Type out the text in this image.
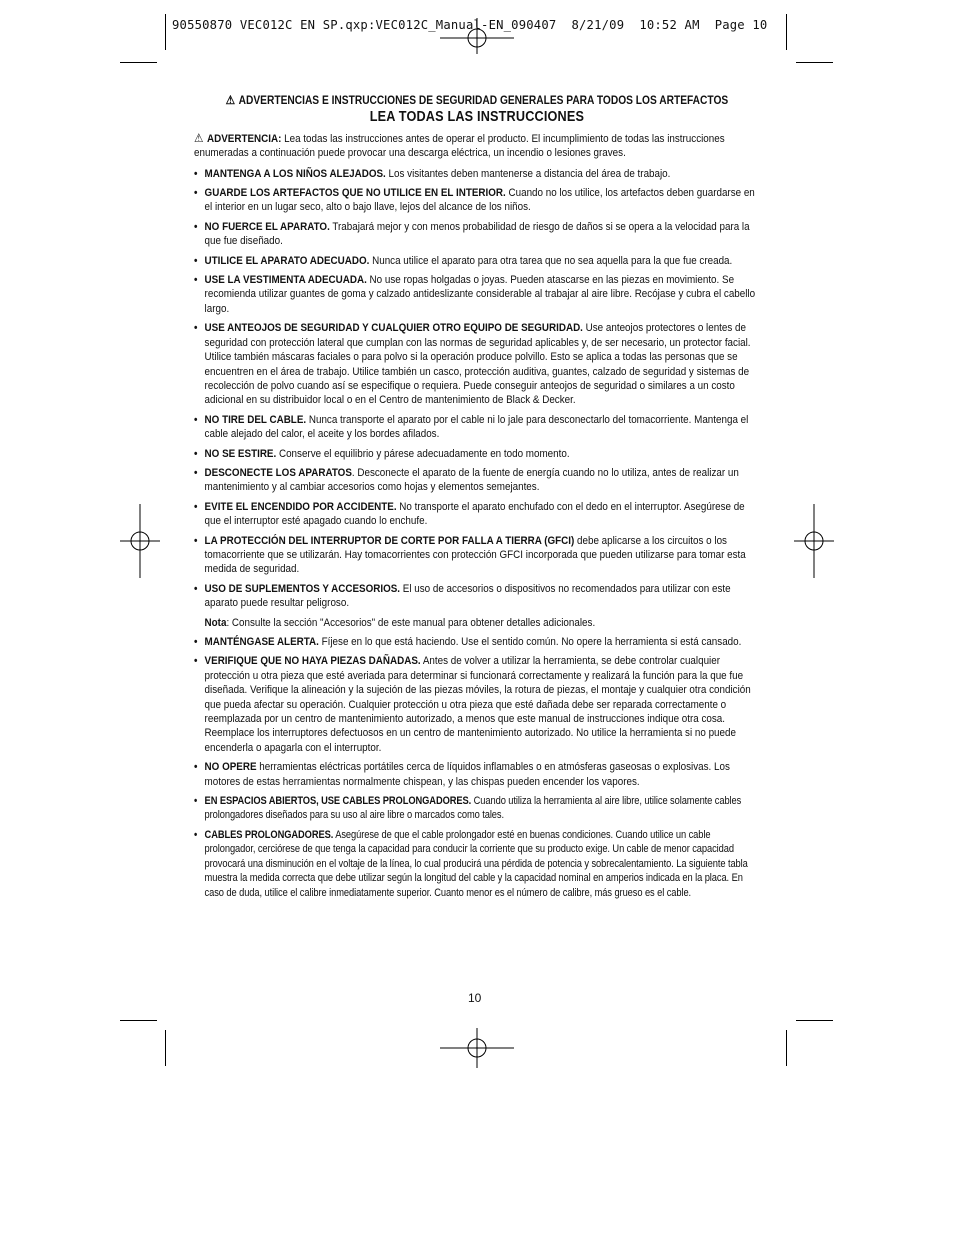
90550870 VEC012C EN SP.qxp:VEC012C_Manual-EN_090407  8/21/09  10:52 AM  Page 10
⚠ ADVERTENCIAS E INSTRUCCIONES DE SEGURIDAD GENERALES PARA TODOS LOS ARTEFACTOS
LEA TODAS LAS INSTRUCCIONES

⚠ ADVERTENCIA: Lea todas las instrucciones antes de operar el producto. El incumplimiento de todas las instrucciones enumeradas a continuación puede provocar una descarga eléctrica, un incendio o lesiones graves.

• MANTENGA A LOS NIÑOS ALEJADOS. Los visitantes deben mantenerse a distancia del área de trabajo.
• GUARDE LOS ARTEFACTOS QUE NO UTILICE EN EL INTERIOR. Cuando no los utilice, los artefactos deben guardarse en el interior en un lugar seco, alto o bajo llave, lejos del alcance de los niños.
• NO FUERCE EL APARATO. Trabajará mejor y con menos probabilidad de riesgo de daños si se opera a la velocidad para la que fue diseñado.
• UTILICE EL APARATO ADECUADO. Nunca utilice el aparato para otra tarea que no sea aquella para la que fue creada.
• USE LA VESTIMENTA ADECUADA. No use ropas holgadas o joyas. Pueden atascarse en las piezas en movimiento. Se recomienda utilizar guantes de goma y calzado antideslizante considerable al trabajar al aire libre. Recójase y cubra el cabello largo.
• USE ANTEOJOS DE SEGURIDAD Y CUALQUIER OTRO EQUIPO DE SEGURIDAD. Use anteojos protectores o lentes de seguridad con protección lateral que cumplan con las normas de seguridad aplicables y, de ser necesario, un protector facial. Utilice también máscaras faciales o para polvo si la operación produce polvillo. Esto se aplica a todas las personas que se encuentren en el área de trabajo. Utilice también un casco, protección auditiva, guantes, calzado de seguridad y sistemas de recolección de polvo cuando así se especifique o requiera. Puede conseguir anteojos de seguridad o similares a un costo adicional en su distribuidor local o en el Centro de mantenimiento de Black & Decker.
• NO TIRE DEL CABLE. Nunca transporte el aparato por el cable ni lo jale para desconectarlo del tomacorriente. Mantenga el cable alejado del calor, el aceite y los bordes afilados.
• NO SE ESTIRE. Conserve el equilibrio y párese adecuadamente en todo momento.
• DESCONECTE LOS APARATOS. Desconecte el aparato de la fuente de energía cuando no lo utiliza, antes de realizar un mantenimiento y al cambiar accesorios como hojas y elementos semejantes.
• EVITE EL ENCENDIDO POR ACCIDENTE. No transporte el aparato enchufado con el dedo en el interruptor. Asegúrese de que el interruptor esté apagado cuando lo enchufe.
• LA PROTECCIÓN DEL INTERRUPTOR DE CORTE POR FALLA A TIERRA (GFCI) debe aplicarse a los circuitos o los tomacorriente que se utilizarán. Hay tomacorrientes con protección GFCI incorporada que pueden utilizarse para tomar esta medida de seguridad.
• USO DE SUPLEMENTOS Y ACCESORIOS. El uso de accesorios o dispositivos no recomendados para utilizar con este aparato puede resultar peligroso.
Nota: Consulte la sección "Accesorios" de este manual para obtener detalles adicionales.
• MANTÉNGASE ALERTA. Fíjese en lo que está haciendo. Use el sentido común. No opere la herramienta si está cansado.
• VERIFIQUE QUE NO HAYA PIEZAS DAÑADAS. Antes de volver a utilizar la herramienta, se debe controlar cualquier protección u otra pieza que esté averiada para determinar si funcionará correctamente y realizará la función para la que fue diseñada. Verifique la alineación y la sujeción de las piezas móviles, la rotura de piezas, el montaje y cualquier otra condición que pueda afectar su operación. Cualquier protección u otra pieza que esté dañada debe ser reparada correctamente o reemplazada por un centro de mantenimiento autorizado, a menos que este manual de instrucciones indique otra cosa. Reemplace los interruptores defectuosos en un centro de mantenimiento autorizado. No utilice la herramienta si no puede encenderla o apagarla con el interruptor.
• NO OPERE herramientas eléctricas portátiles cerca de líquidos inflamables o en atmósferas gaseosas o explosivas. Los motores de estas herramientas normalmente chispean, y las chispas pueden encender los vapores.
• EN ESPACIOS ABIERTOS, USE CABLES PROLONGADORES. Cuando utiliza la herramienta al aire libre, utilice solamente cables prolongadores diseñados para su uso al aire libre o marcados como tales.
• CABLES PROLONGADORES. Asegúrese de que el cable prolongador esté en buenas condiciones. Cuando utilice un cable prolongador, cerciórese de que tenga la capacidad para conducir la corriente que su producto exige. Un cable de menor capacidad provocará una disminución en el voltaje de la línea, lo cual producirá una pérdida de potencia y sobrecalentamiento. La siguiente tabla muestra la medida correcta que debe utilizar según la longitud del cable y la capacidad nominal en amperios indicada en la placa. En caso de duda, utilice el calibre inmediatamente superior. Cuanto menor es el número de calibre, más grueso es el cable.
10
